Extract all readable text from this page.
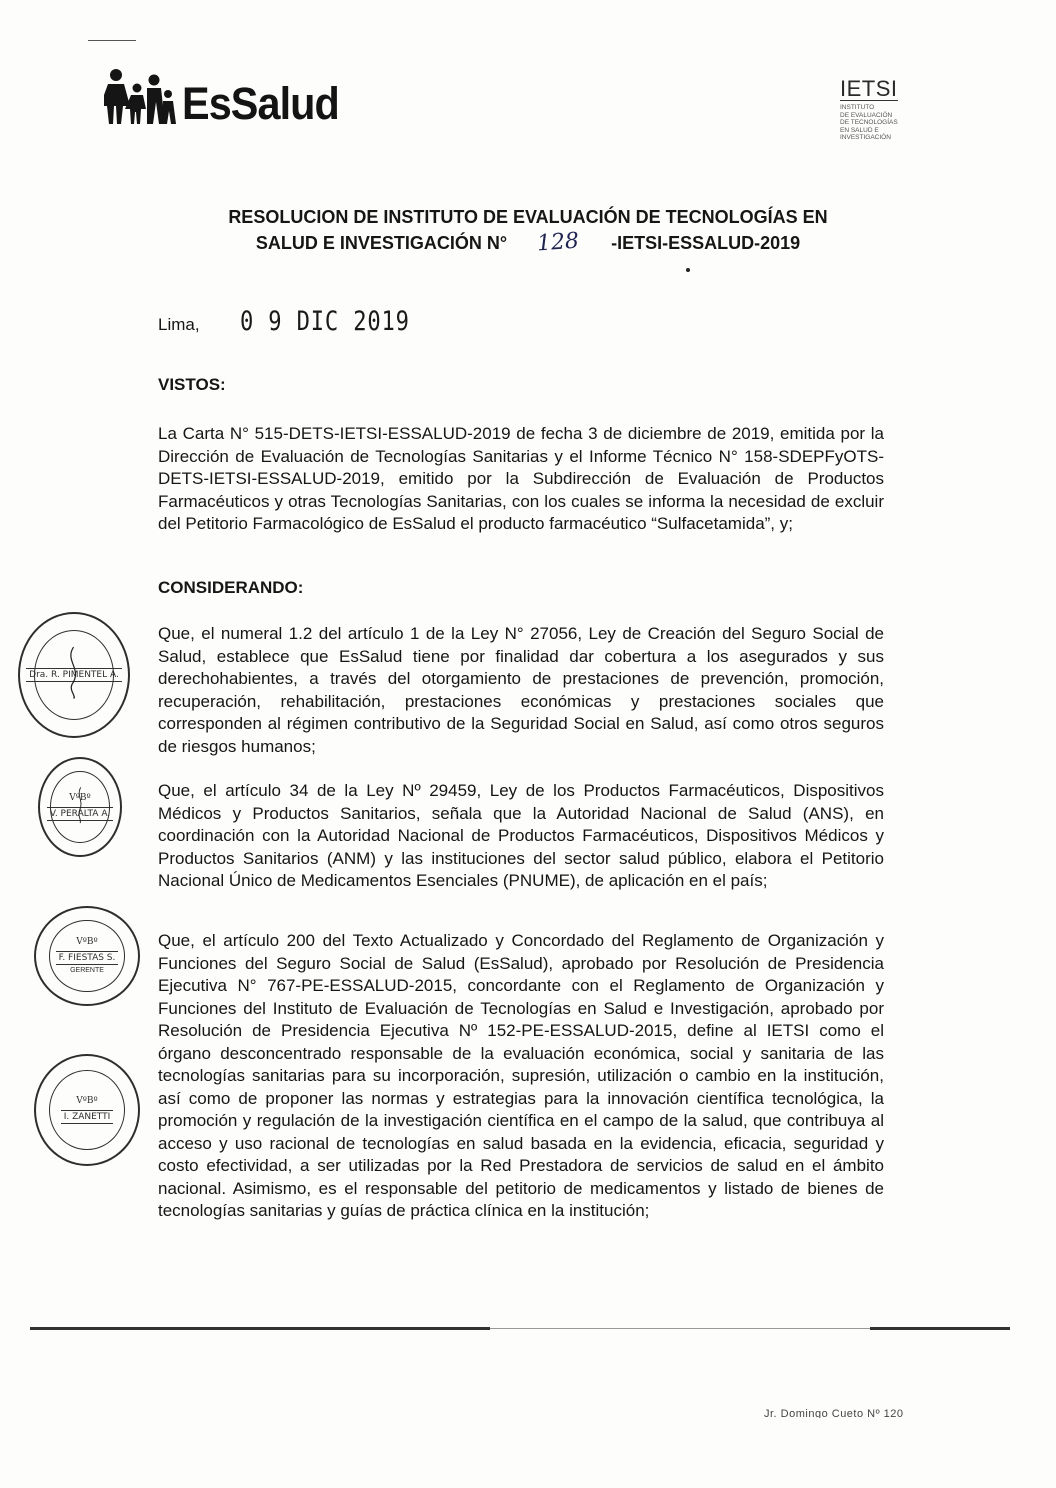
EsSalud	IETSI
INSTITUTO
DE EVALUACIÓN
DE TECNOLOGÍAS
EN SALUD E
INVESTIGACIÓN
RESOLUCION DE INSTITUTO DE EVALUACIÓN DE TECNOLOGÍAS EN
SALUD E INVESTIGACIÓN N° 128 -IETSI-ESSALUD-2019
Lima, 0 9 DIC 2019
VISTOS:
La Carta N° 515-DETS-IETSI-ESSALUD-2019 de fecha 3 de diciembre de 2019, emitida por la Dirección de Evaluación de Tecnologías Sanitarias y el Informe Técnico N° 158-SDEPFyOTS-DETS-IETSI-ESSALUD-2019, emitido por la Subdirección de Evaluación de Productos Farmacéuticos y otras Tecnologías Sanitarias, con los cuales se informa la necesidad de excluir del Petitorio Farmacológico de EsSalud el producto farmacéutico “Sulfacetamida”, y;
CONSIDERANDO:
Que, el numeral 1.2 del artículo 1 de la Ley N° 27056, Ley de Creación del Seguro Social de Salud, establece que EsSalud tiene por finalidad dar cobertura a los asegurados y sus derechohabientes, a través del otorgamiento de prestaciones de prevención, promoción, recuperación, rehabilitación, prestaciones económicas y prestaciones sociales que corresponden al régimen contributivo de la Seguridad Social en Salud, así como otros seguros de riesgos humanos;
Que, el artículo 34 de la Ley Nº 29459, Ley de los Productos Farmacéuticos, Dispositivos Médicos y Productos Sanitarios, señala que la Autoridad Nacional de Salud (ANS), en coordinación con la Autoridad Nacional de Productos Farmacéuticos, Dispositivos Médicos y Productos Sanitarios (ANM) y las instituciones del sector salud público, elabora el Petitorio Nacional Único de Medicamentos Esenciales (PNUME), de aplicación en el país;
Que, el artículo 200 del Texto Actualizado y Concordado del Reglamento de Organización y Funciones del Seguro Social de Salud (EsSalud), aprobado por Resolución de Presidencia Ejecutiva N° 767-PE-ESSALUD-2015, concordante con el Reglamento de Organización y Funciones del Instituto de Evaluación de Tecnologías en Salud e Investigación, aprobado por Resolución de Presidencia Ejecutiva Nº 152-PE-ESSALUD-2015, define al IETSI como el órgano desconcentrado responsable de la evaluación económica, social y sanitaria de las tecnologías sanitarias para su incorporación, supresión, utilización o cambio en la institución, así como de proponer las normas y estrategias para la innovación científica tecnológica, la promoción y regulación de la investigación científica en el campo de la salud, que contribuya al acceso y uso racional de tecnologías en salud basada en la evidencia, eficacia, seguridad y costo efectividad, a ser utilizadas por la Red Prestadora de servicios de salud en el ámbito nacional. Asimismo, es el responsable del petitorio de medicamentos y listado de bienes de tecnologías sanitarias y guías de práctica clínica en la institución;
Dra. R. PIMENTEL A.
VºBº
V. PERALTA A.
VºBº
F. FIESTAS S.
GERENTE
VºBº
I. ZANETTI
Jr. Domingo Cueto Nº 120
